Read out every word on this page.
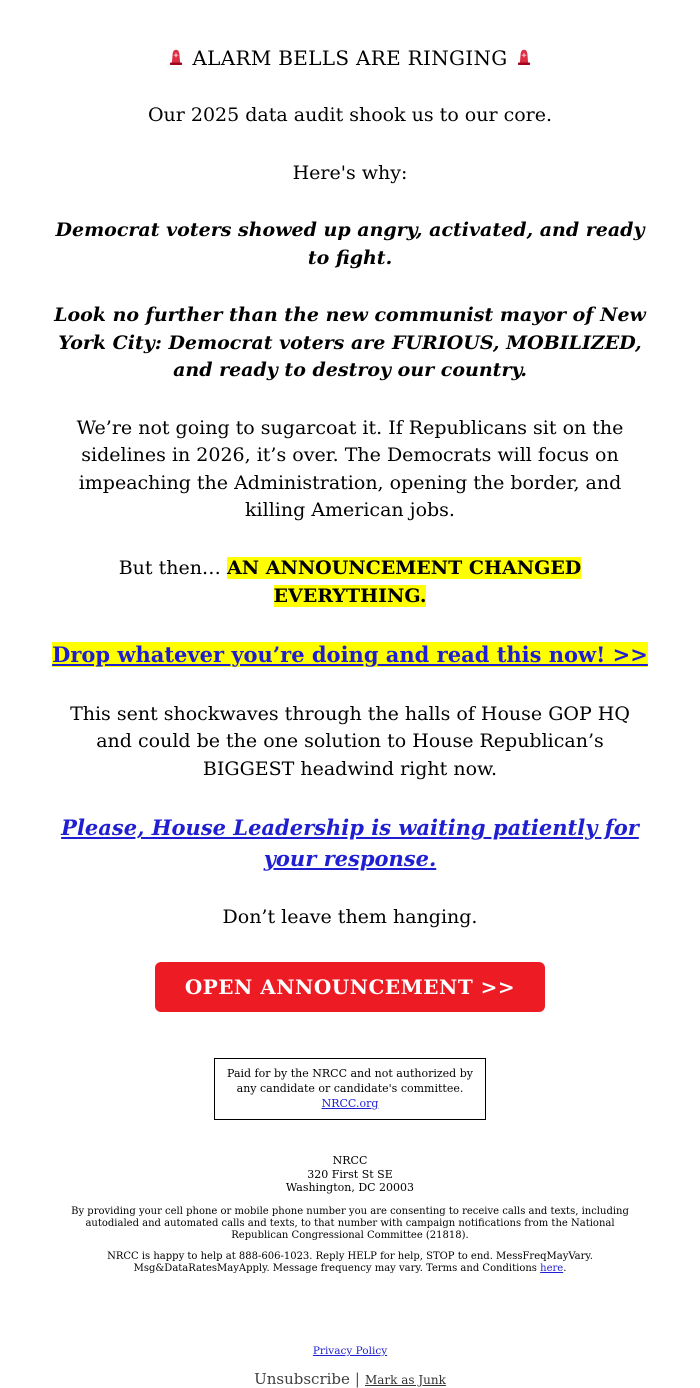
ALARM BELLS ARE RINGING

Our 2025 data audit shook us to our core.

Here's why:

Democrat voters showed up angry, activated, and ready to fight.

Look no further than the new communist mayor of New York City: Democrat voters are FURIOUS, MOBILIZED, and ready to destroy our country.

We’re not going to sugarcoat it. If Republicans sit on the sidelines in 2026, it’s over. The Democrats will focus on impeaching the Administration, opening the border, and killing American jobs.

But then… AN ANNOUNCEMENT CHANGED EVERYTHING.

Drop whatever you’re doing and read this now! >>

This sent shockwaves through the halls of House GOP HQ and could be the one solution to House Republican’s BIGGEST headwind right now.

Please, House Leadership is waiting patiently for your response.

Don’t leave them hanging.

OPEN ANNOUNCEMENT >>
Paid for by the NRCC and not authorized by any candidate or candidate's committee. NRCC.org
NRCC
320 First St SE
Washington, DC 20003
By providing your cell phone or mobile phone number you are consenting to receive calls and texts, including autodialed and automated calls and texts, to that number with campaign notifications from the National Republican Congressional Committee (21818).
NRCC is happy to help at 888-606-1023. Reply HELP for help, STOP to end. MessFreqMayVary. Msg&DataRatesMayApply. Message frequency may vary. Terms and Conditions here.
Privacy Policy
Unsubscribe | Mark as Junk
